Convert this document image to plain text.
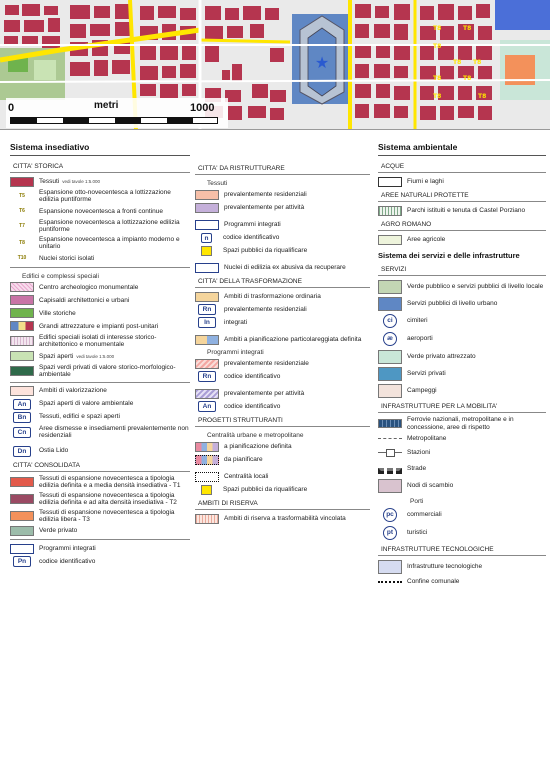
★
T8	T8
T8
T8 T8
T8	T8
T8	T8
0	metri	1000
Sistema insediativo
CITTA' STORICA
Tessuti vedi tavole 1:5.000
T5
Espansione otto-novecentesca a lottizzazione edilizia puntiforme
T6	Espansione novecentesca a fronti continue
T7
Espansione novecentesca a lottizzazione edilizia puntiforme
T8
Espansione novecentesca a impianto moderno e unitario
T10	Nuclei storici isolati
Edifici e complessi speciali
Centro archeologico monumentale
Capisaldi architettonici e urbani
Ville storiche
Grandi attrezzature e impianti post-unitari
Edifici speciali isolati di interesse storico-architettonico e monumentale
Spazi aperti vedi tavole 1:5.000
Spazi verdi privati di valore storico-morfologico-ambientale
Ambiti di valorizzazione
An	Spazi aperti di valore ambientale
Bn	Tessuti, edifici e spazi aperti
Cn
Aree dismesse e insediamenti prevalentemente non residenziali
Dn	Ostia Lido
CITTA' CONSOLIDATA
Tessuti di espansione novecentesca a tipologia edilizia definita e a media densità insediativa - T1
Tessuti di espansione novecentesca a tipologia edilizia definita e ad alta densità insediativa - T2
Tessuti di espansione novecentesca a tipologia edilizia libera - T3
Verde privato
Programmi integrati
Pn	codice identificativo
CITTA' DA RISTRUTTURARE
Tessuti
prevalentemente residenziali
prevalentemente per attività
Programmi integrati
n	codice identificativo
Spazi pubblici da riqualificare
Nuclei di edilizia ex abusiva da recuperare
CITTA' DELLA TRASFORMAZIONE
Ambiti di trasformazione ordinaria
Rn	prevalentemente residenziali
In	integrati
Ambiti a pianificazione particolareggiata definita
Programmi integrati
prevalentemente residenziale
Rn	codice identificativo
prevalentemente per attività
An	codice identificativo
PROGETTI STRUTTURANTI
Centralità urbane e metropolitane
a pianificazione definita
da pianificare
Centralità locali
Spazi pubblici da riqualificare
AMBITI DI RISERVA
Ambiti di riserva a trasformabilità vincolata
Sistema ambientale
ACQUE
Fiumi e laghi
AREE NATURALI PROTETTE
Parchi istituiti e tenuta di Castel Porziano
AGRO ROMANO
Aree agricole
Sistema dei servizi e delle infrastrutture
SERVIZI
Verde pubblico e servizi pubblici di livello locale
Servizi pubblici di livello urbano
ci	cimiteri
æ	aeroporti
Verde privato attrezzato
Servizi privati
Campeggi
INFRASTRUTTURE PER LA MOBILITA'
Ferrovie nazionali, metropolitane e in concessione, aree di rispetto
Metropolitane
Stazioni
Strade
Nodi di scambio
Porti
pc	commerciali
pt	turistici
INFRASTRUTTURE TECNOLOGICHE
Infrastrutture tecnologiche
Confine comunale
